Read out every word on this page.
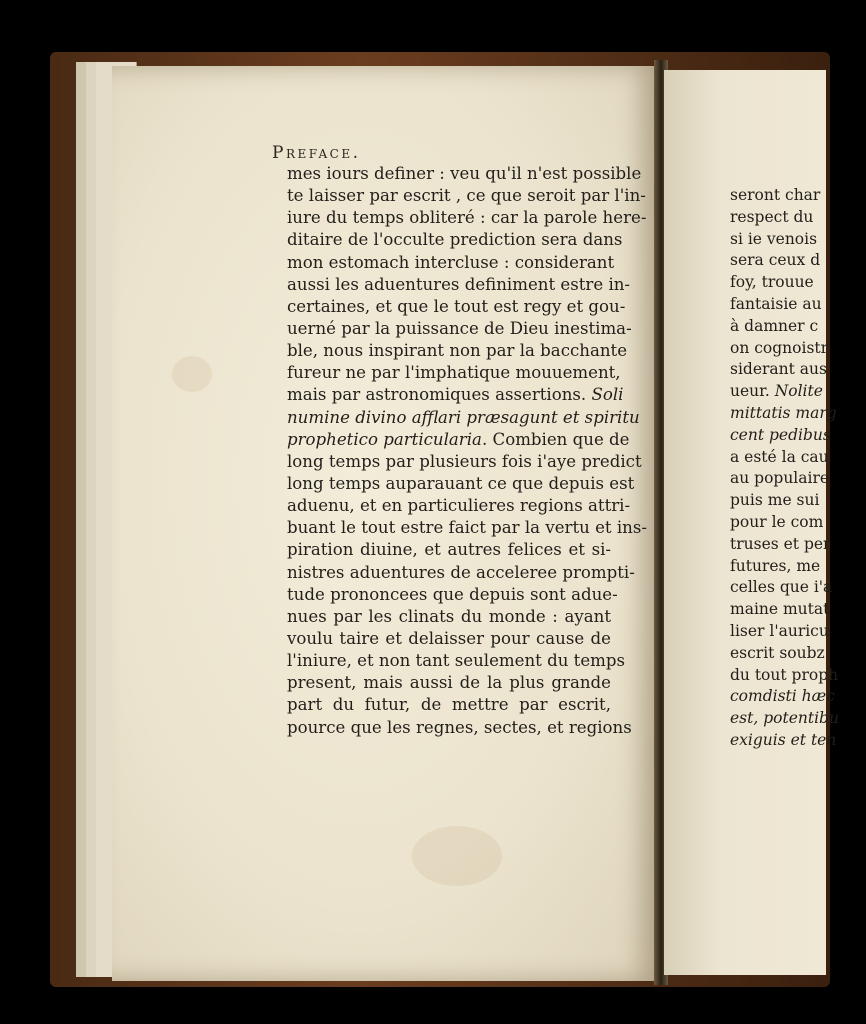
Preface.
mes iours definer : veu qu'il n'est possible
te laisser par escrit , ce que seroit par l'in-
iure du temps obliteré : car la parole here-
ditaire de l'occulte prediction sera dans
mon estomach intercluse : considerant
aussi les aduentures definiment estre in-
certaines, et que le tout est regy et gou-
uerné par la puissance de Dieu inestima-
ble, nous inspirant non par la bacchante
fureur ne par l'imphatique mouuement,
mais par astronomiques assertions. Soli
numine divino afflari præsagunt et spiritu
prophetico particularia. Combien que de
long temps par plusieurs fois i'aye predict
long temps auparauant ce que depuis est
aduenu, et en particulieres regions attri-
buant le tout estre faict par la vertu et ins-
piration diuine, et autres felices et si-
nistres aduentures de acceleree prompti-
tude prononcees que depuis sont adue-
nues par les clinats du monde : ayant
voulu taire et delaisser pour cause de
l'iniure, et non tant seulement du temps
present, mais aussi de la plus grande
part du futur, de mettre par escrit,
pource que les regnes, sectes, et regions
seront char
respect du
si ie venois
sera ceux d
foy, trouue
fantaisie au
à damner c
on cognoistr
siderant aus
ueur. Nolite
mittatis marg
cent pedibus
a esté la cau
au populaire
puis me sui
pour le com
truses et per
futures, me
celles que i'a
maine mutat
liser l'auricu
escrit soubz
du tout proph
comdisti hæc
est, potentibu
exiguis et ten
